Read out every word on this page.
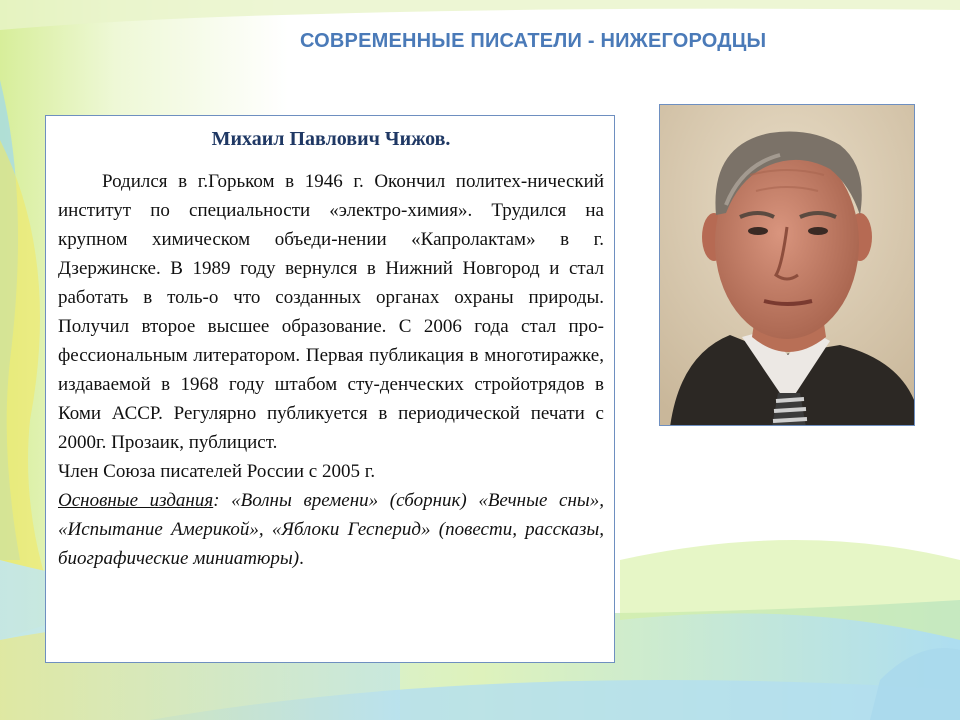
СОВРЕМЕННЫЕ ПИСАТЕЛИ - НИЖЕГОРОДЦЫ
Михаил Павлович Чижов.

Родился в г.Горьком в 1946 г. Окончил политех-нический институт по специальности «электро-химия». Трудился на крупном химическом объеди-нении «Капролактам» в г. Дзержинске. В 1989 году вернулся в Нижний Новгород и стал работать в толь-о что созданных органах охраны природы. Получил второе высшее образование. С 2006 года стал про-фессиональным литератором. Первая публикация в многотиражке, издаваемой в 1968 году штабом сту-денческих стройотрядов в Коми АССР. Регулярно публикуется в периодической печати с 2000г. Прозаик, публицист.

Член Союза писателей России с 2005 г.

Основные издания: «Волны времени» (сборник) «Вечные сны», «Испытание Америкой», «Яблоки Гесперид» (повести, рассказы, биографические миниатюры).
